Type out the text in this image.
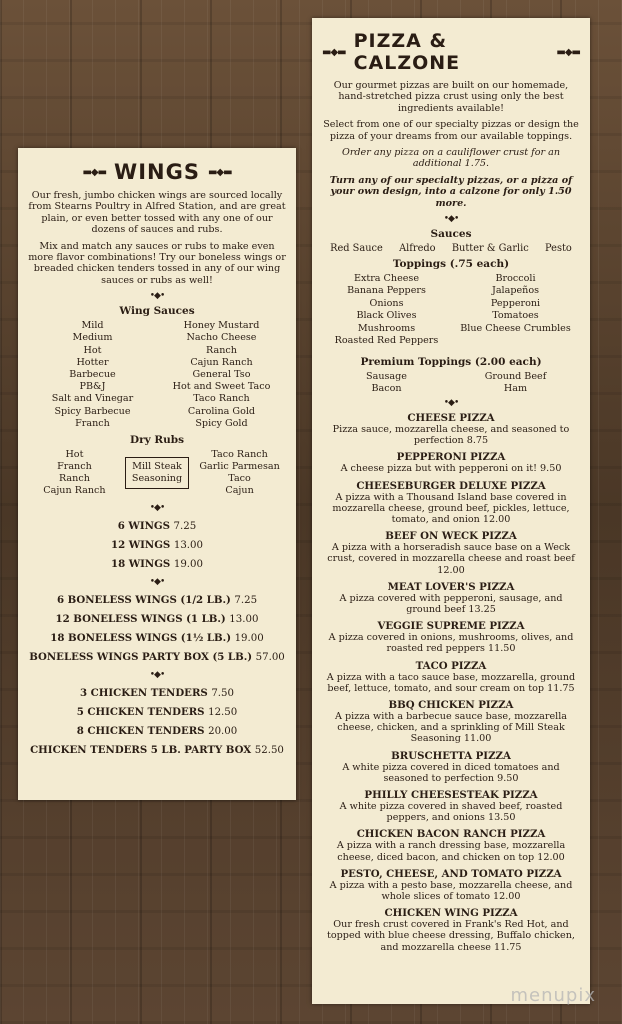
▬◆▬ WINGS ▬◆▬

Our fresh, jumbo chicken wings are sourced locally from Stearns Poultry in Alfred Station, and are great plain, or even better tossed with any one of our dozens of sauces and rubs.

Mix and match any sauces or rubs to make even more flavor combinations! Try our boneless wings or breaded chicken tenders tossed in any of our wing sauces or rubs as well!

•◆•
Wing Sauces
Mild
Medium
Hot
Hotter
Barbecue
PB&J
Salt and Vinegar
Spicy Barbecue
Franch
Honey Mustard
Nacho Cheese
Ranch
Cajun Ranch
General Tso
Hot and Sweet Taco
Taco Ranch
Carolina Gold
Spicy Gold
Dry Rubs
Hot
Franch
Ranch
Cajun Ranch
Mill Steak
Seasoning
Taco Ranch
Garlic Parmesan
Taco
Cajun
•◆•
6 WINGS 7.25
12 WINGS 13.00
18 WINGS 19.00
•◆•
6 BONELESS WINGS (1/2 LB.) 7.25
12 BONELESS WINGS (1 LB.) 13.00
18 BONELESS WINGS (1½ LB.) 19.00
BONELESS WINGS PARTY BOX (5 LB.) 57.00
•◆•
3 CHICKEN TENDERS 7.50
5 CHICKEN TENDERS 12.50
8 CHICKEN TENDERS 20.00
CHICKEN TENDERS 5 LB. PARTY BOX 52.50
▬◆▬ PIZZA & CALZONE	▬◆▬

Our gourmet pizzas are built on our homemade, hand-stretched pizza crust using only the best ingredients available!

Select from one of our specialty pizzas or design the pizza of your dreams from our available toppings.

Order any pizza on a cauliflower crust for an additional 1.75.

Turn any of our specialty pizzas, or a pizza of your own design, into a calzone for only 1.50 more.

•◆•
Sauces
Red Sauce Alfredo Butter & Garlic Pesto
Toppings (.75 each)
Extra Cheese
Banana Peppers
Onions
Black Olives
Mushrooms
Roasted Red Peppers
Broccoli
Jalapeños
Pepperoni
Tomatoes
Blue Cheese Crumbles
Premium Toppings (2.00 each)
Sausage
Bacon
Ground Beef
Ham
•◆•
CHEESE PIZZA
Pizza sauce, mozzarella cheese, and seasoned to perfection 8.75
PEPPERONI PIZZA
A cheese pizza but with pepperoni on it! 9.50
CHEESEBURGER DELUXE PIZZA
A pizza with a Thousand Island base covered in mozzarella cheese, ground beef, pickles, lettuce, tomato, and onion 12.00
BEEF ON WECK PIZZA
A pizza with a horseradish sauce base on a Weck crust, covered in mozzarella cheese and roast beef 12.00
MEAT LOVER'S PIZZA
A pizza covered with pepperoni, sausage, and ground beef 13.25
VEGGIE SUPREME PIZZA
A pizza covered in onions, mushrooms, olives, and roasted red peppers 11.50
TACO PIZZA
A pizza with a taco sauce base, mozzarella, ground beef, lettuce, tomato, and sour cream on top 11.75
BBQ CHICKEN PIZZA
A pizza with a barbecue sauce base, mozzarella cheese, chicken, and a sprinkling of Mill Steak Seasoning 11.00
BRUSCHETTA PIZZA
A white pizza covered in diced tomatoes and seasoned to perfection 9.50
PHILLY CHEESESTEAK PIZZA
A white pizza covered in shaved beef, roasted peppers, and onions 13.50
CHICKEN BACON RANCH PIZZA
A pizza with a ranch dressing base, mozzarella cheese, diced bacon, and chicken on top 12.00
PESTO, CHEESE, AND TOMATO PIZZA
A pizza with a pesto base, mozzarella cheese, and whole slices of tomato 12.00
CHICKEN WING PIZZA
Our fresh crust covered in Frank's Red Hot, and topped with blue cheese dressing, Buffalo chicken, and mozzarella cheese 11.75
menupix
